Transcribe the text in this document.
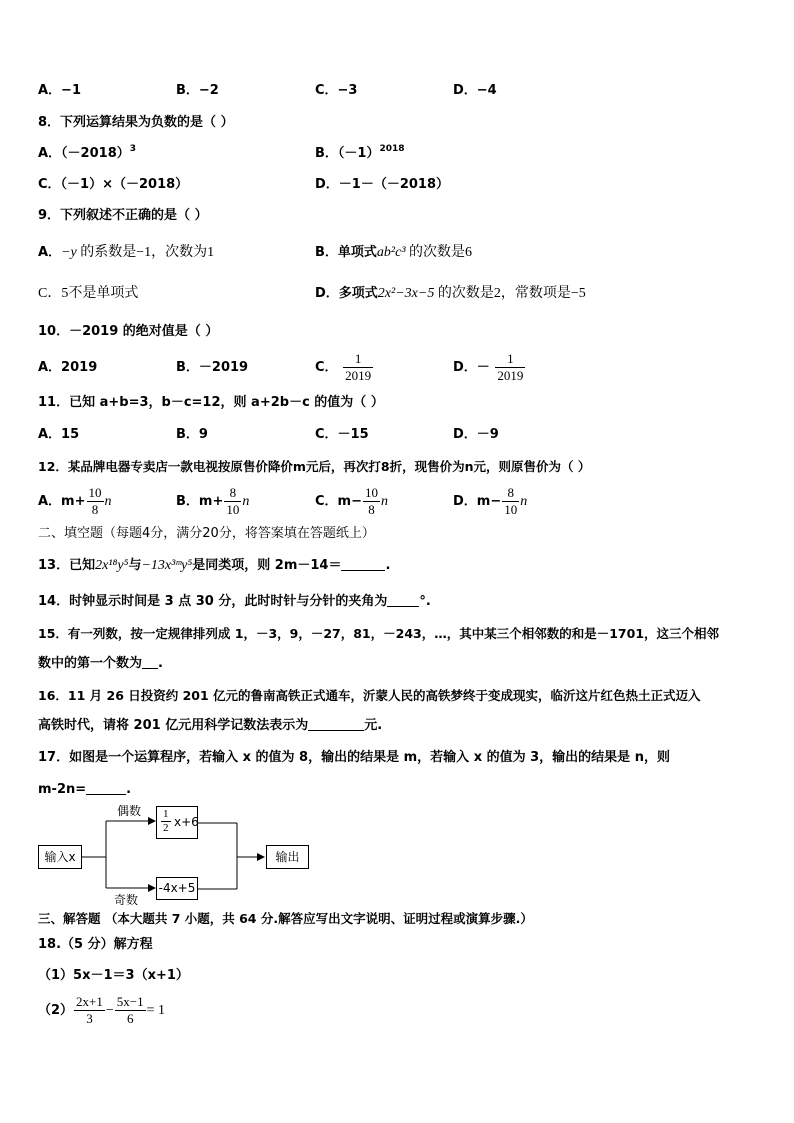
A．−1	B．−2	C．−3	D．−4
8．下列运算结果为负数的是（ ）
A．$(-2018)^3$	B．$(-1)^{2018}$
C．（－1）×（－2018）	D．－1－（－2018）
9．下列叙述不正确的是（ ）
A．−y 的系数是−1，次数为1	B．单项式ab²c³ 的次数是6
C．5不是单项式	D．多项式2x²−3x−5 的次数是2，常数项是−5
10．－2019 的绝对值是（ ）
A．2019	B．－2019	C． $\frac{1}{2019}$	D．－ $\frac{1}{2019}$
11．已知 a+b=3，b－c=12，则 a+2b－c 的值为（ ）
A．15	B．9	C．－15	D．－9
12．某品牌电器专卖店一款电视按原售价降价m元后，再次打8折，现售价为n元，则原售价为（ ）
A．$m+ \frac{10}{8}$ n	B．$m+ \frac{8}{10}$ n	C．$m- \frac{10}{8}$ n	D．$m- \frac{8}{10}$ n
二、填空题（每题4分，满分20分，将答案填在答题纸上）
13．已知2x¹⁸y⁵与−13x³ᵐy⁵是同类项，则 2m－14＝	.
14．时钟显示时间是 3 点 30 分，此时时针与分针的夹角为 °.
15．有一列数，按一定规律排列成 1，－3，9，－27，81，－243，…，其中某三个相邻数的和是－1701，这三个相邻
数中的第一个数为 .
16．11 月 26 日投资约 201 亿元的鲁南高铁正式通车，沂蒙人民的高铁梦终于变成现实，临沂这片红色热土正式迈入
高铁时代，请将 201 亿元用科学记数法表示为	元.
17．如图是一个运算程序，若输入 x 的值为 8，输出的结果是 m，若输入 x 的值为 3，输出的结果是 n，则
m-2n=	.
输入x
偶数
奇数
$\frac{1}{2} x+6$
-4x+5
输出
三、解答题 （本大题共 7 小题，共 64 分.解答应写出文字说明、证明过程或演算步骤.）
18.（5 分）解方程
（1）5x－1＝3（x+1）
$(2) \frac{2x+1}{3} - \frac{5x-1}{6} = 1$
